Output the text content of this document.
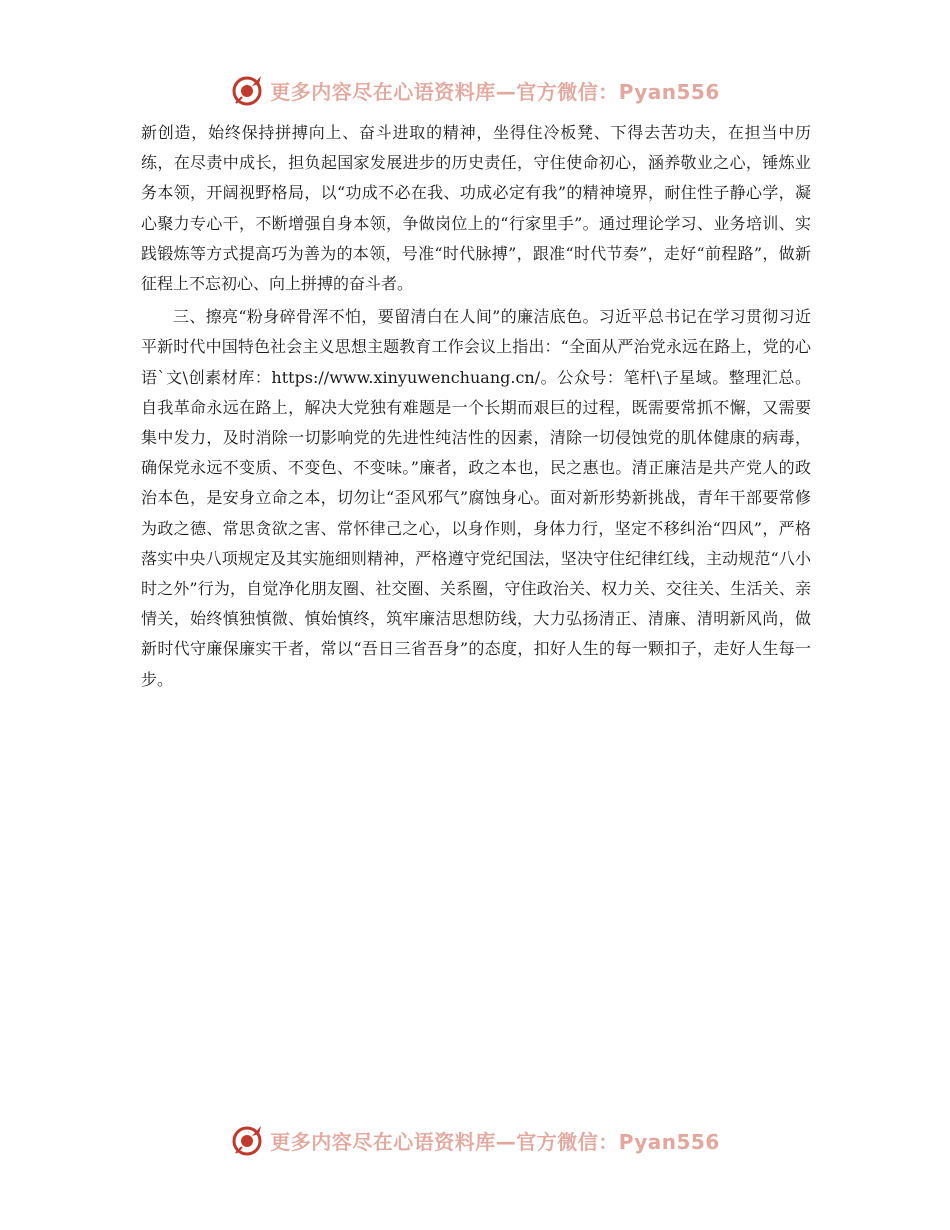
更多内容尽在心语资料库—官方微信：Pyan556

新创造，始终保持拼搏向上、奋斗进取的精神，坐得住冷板凳、下得去苦功夫，在担当中历练，在尽责中成长，担负起国家发展进步的历史责任，守住使命初心，涵养敬业之心，锤炼业务本领，开阔视野格局，以“功成不必在我、功成必定有我”的精神境界，耐住性子静心学，凝心聚力专心干，不断增强自身本领，争做岗位上的“行家里手”。通过理论学习、业务培训、实践锻炼等方式提高巧为善为的本领，号准“时代脉搏”，跟准“时代节奏”，走好“前程路”，做新征程上不忘初心、向上拼搏的奋斗者。

三、擦亮“粉身碎骨浑不怕，要留清白在人间”的廉洁底色。习近平总书记在学习贯彻习近平新时代中国特色社会主义思想主题教育工作会议上指出：“全面从严治党永远在路上，党的心语`文\创素材库：https://www.xinyuwenchuang.cn/。公众号：笔杆\子星域。整理汇总。自我革命永远在路上，解决大党独有难题是一个长期而艰巨的过程，既需要常抓不懈，又需要集中发力，及时消除一切影响党的先进性纯洁性的因素，清除一切侵蚀党的肌体健康的病毒，确保党永远不变质、不变色、不变味。”廉者，政之本也，民之惠也。清正廉洁是共产党人的政治本色，是安身立命之本，切勿让“歪风邪气”腐蚀身心。面对新形势新挑战，青年干部要常修为政之德、常思贪欲之害、常怀律己之心，以身作则，身体力行，坚定不移纠治“四风”，严格落实中央八项规定及其实施细则精神，严格遵守党纪国法，坚决守住纪律红线，主动规范“八小时之外”行为，自觉净化朋友圈、社交圈、关系圈，守住政治关、权力关、交往关、生活关、亲情关，始终慎独慎微、慎始慎终，筑牢廉洁思想防线，大力弘扬清正、清廉、清明新风尚，做新时代守廉保廉实干者，常以“吾日三省吾身”的态度，扣好人生的每一颗扣子，走好人生每一步。

更多内容尽在心语资料库—官方微信：Pyan556
